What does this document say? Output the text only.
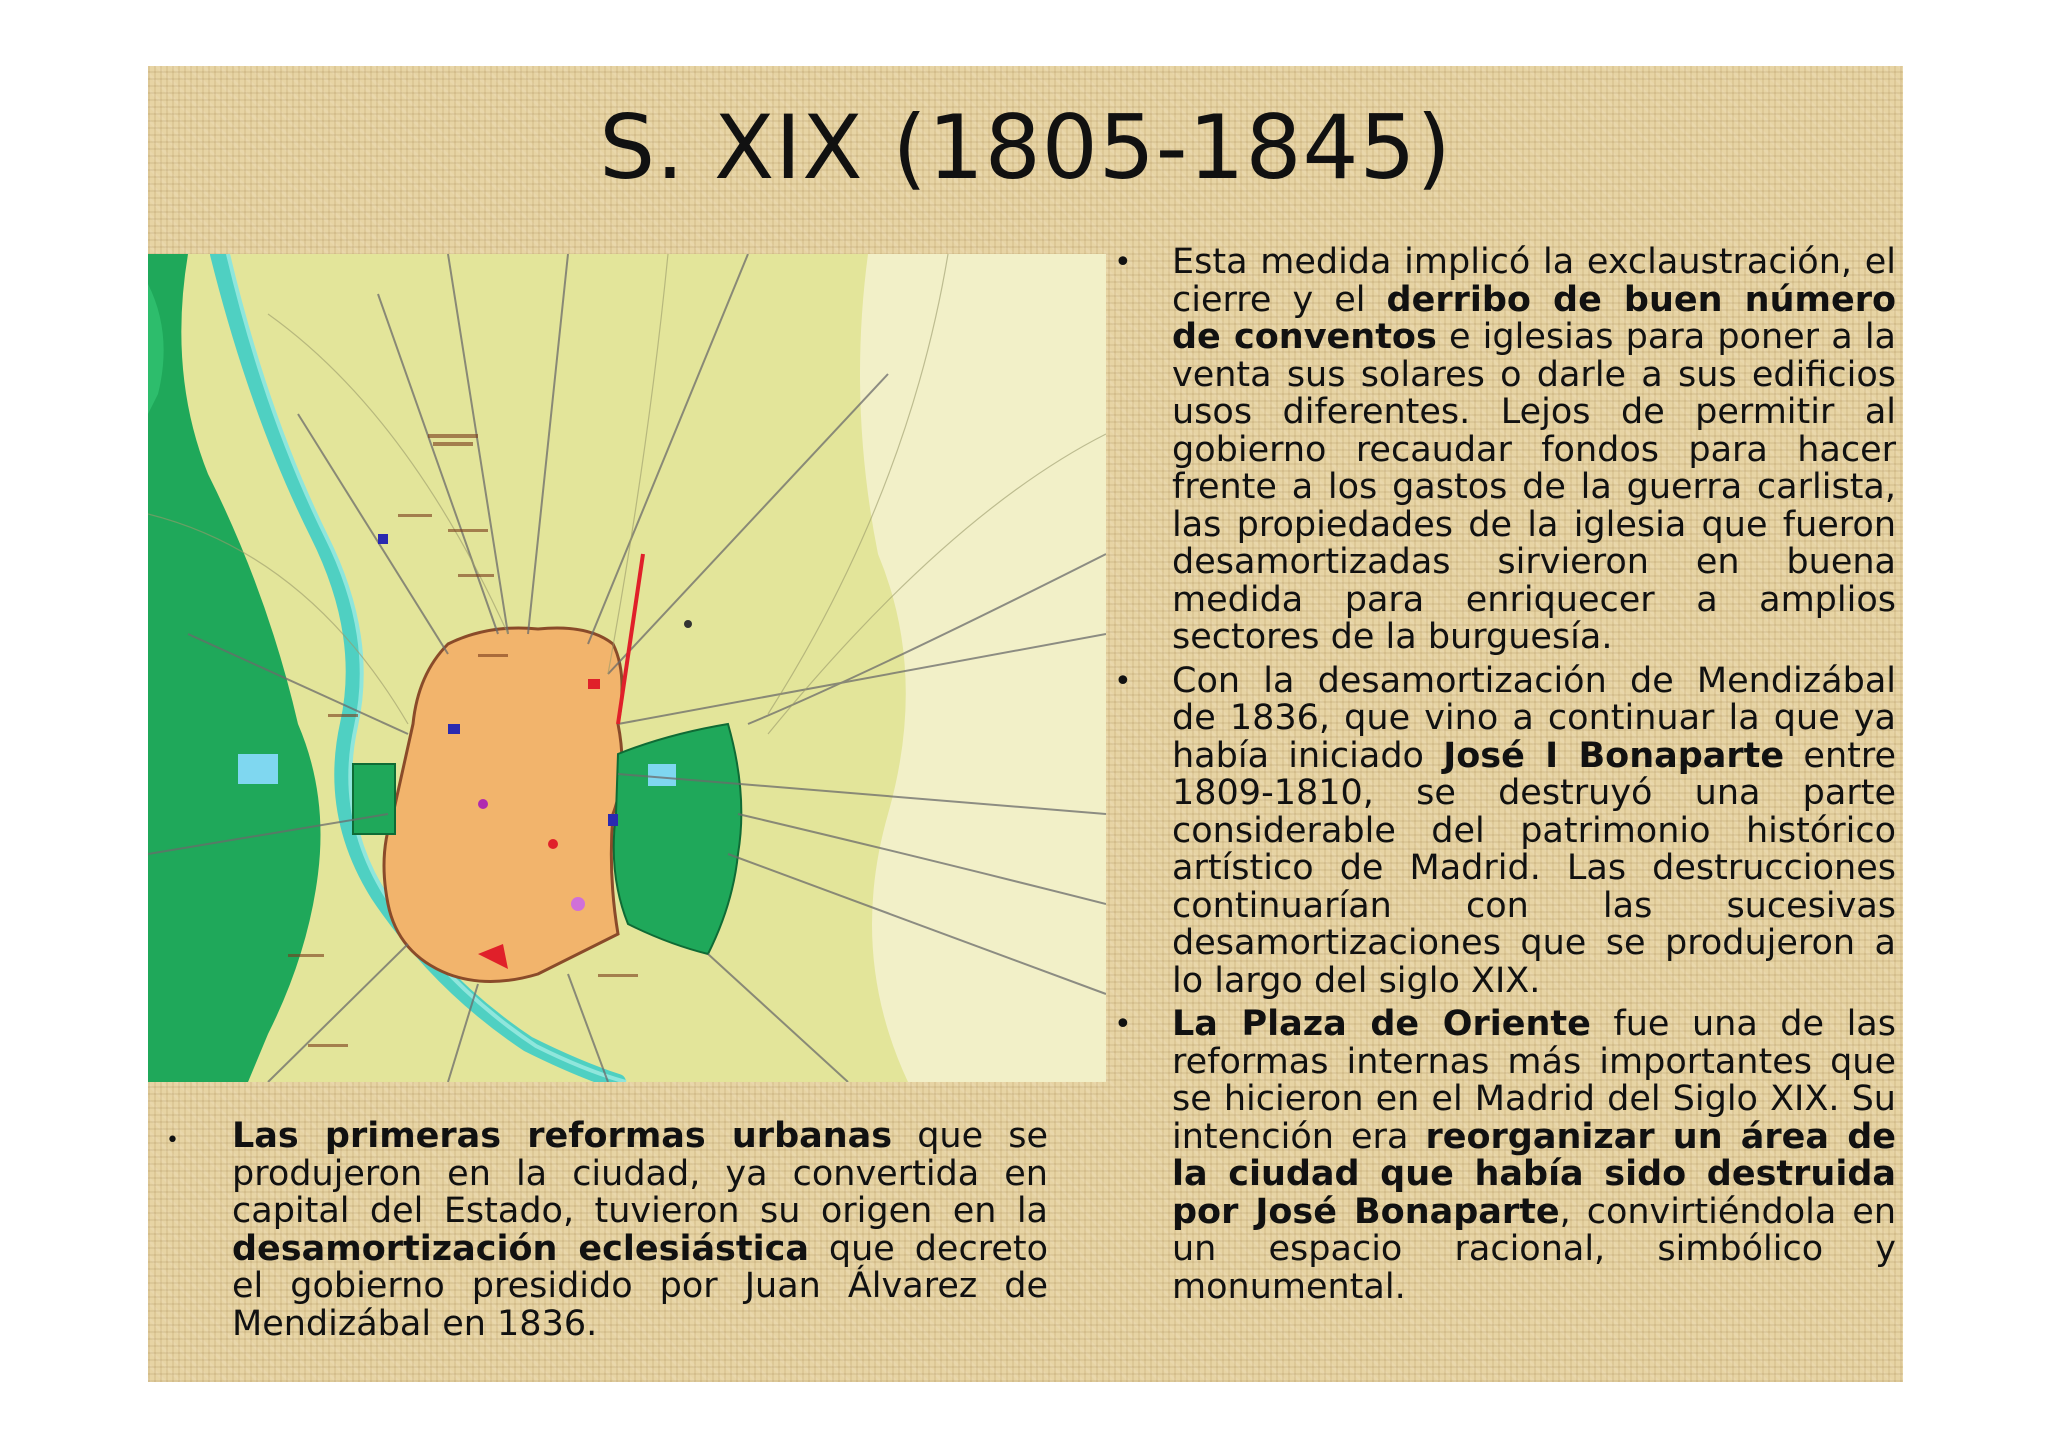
S. XIX (1805-1845)
• Las primeras reformas urbanas que se produjeron en la ciudad, ya convertida en capital del Estado, tuvieron su origen en la desamortización eclesiástica que decreto el gobierno presidido por Juan Álvarez de Mendizábal en 1836.
• Esta medida implicó la exclaustración, el cierre y el derribo de buen número de conventos e iglesias para poner a la venta sus solares o darle a sus edificios usos diferentes. Lejos de permitir al gobierno recaudar fondos para hacer frente a los gastos de la guerra carlista, las propiedades de la iglesia que fueron desamortizadas sirvieron en buena medida para enriquecer a amplios sectores de la burguesía.
• Con la desamortización de Mendizábal de 1836, que vino a continuar la que ya había iniciado José I Bonaparte entre 1809-1810, se destruyó una parte considerable del patrimonio histórico artístico de Madrid. Las destrucciones continuarían con las sucesivas desamortizaciones que se produjeron a lo largo del siglo XIX.
• La Plaza de Oriente fue una de las reformas internas más importantes que se hicieron en el Madrid del Siglo XIX. Su intención era reorganizar un área de la ciudad que había sido destruida por José Bonaparte, convirtiéndola en un espacio racional, simbólico y monumental.
